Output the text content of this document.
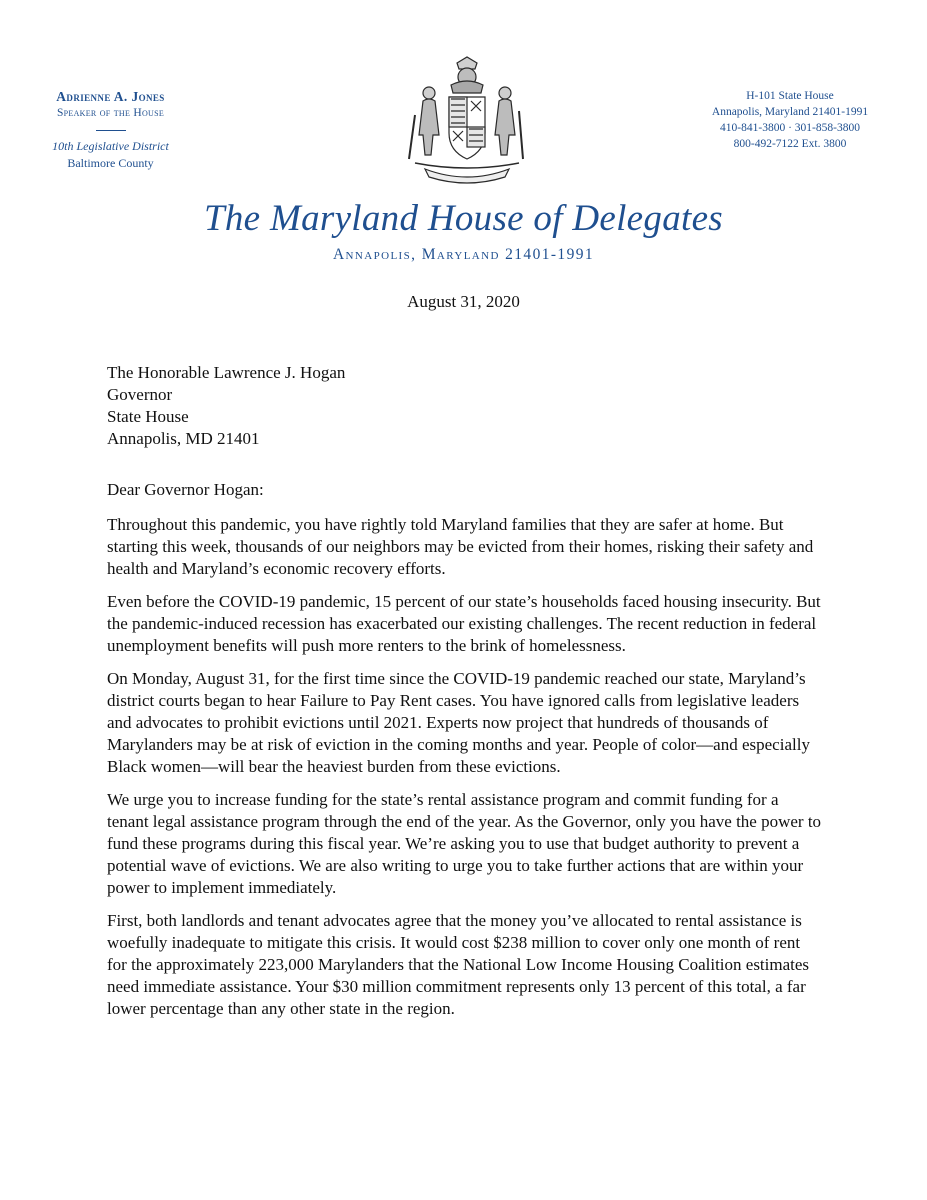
Adrienne A. Jones
Speaker of the House
10th Legislative District
Baltimore County
H-101 State House
Annapolis, Maryland 21401-1991
410-841-3800 · 301-858-3800
800-492-7122 Ext. 3800
The Maryland House of Delegates
Annapolis, Maryland 21401-1991
August 31, 2020
The Honorable Lawrence J. Hogan
Governor
State House
Annapolis, MD 21401
Dear Governor Hogan:

Throughout this pandemic, you have rightly told Maryland families that they are safer at home. But starting this week, thousands of our neighbors may be evicted from their homes, risking their safety and health and Maryland’s economic recovery efforts.

Even before the COVID-19 pandemic, 15 percent of our state’s households faced housing insecurity. But the pandemic-induced recession has exacerbated our existing challenges. The recent reduction in federal unemployment benefits will push more renters to the brink of homelessness.

On Monday, August 31, for the first time since the COVID-19 pandemic reached our state, Maryland’s district courts began to hear Failure to Pay Rent cases. You have ignored calls from legislative leaders and advocates to prohibit evictions until 2021. Experts now project that hundreds of thousands of Marylanders may be at risk of eviction in the coming months and year. People of color—and especially Black women—will bear the heaviest burden from these evictions.

We urge you to increase funding for the state’s rental assistance program and commit funding for a tenant legal assistance program through the end of the year. As the Governor, only you have the power to fund these programs during this fiscal year. We’re asking you to use that budget authority to prevent a potential wave of evictions. We are also writing to urge you to take further actions that are within your power to implement immediately.

First, both landlords and tenant advocates agree that the money you’ve allocated to rental assistance is woefully inadequate to mitigate this crisis. It would cost $238 million to cover only one month of rent for the approximately 223,000 Marylanders that the National Low Income Housing Coalition estimates need immediate assistance. Your $30 million commitment represents only 13 percent of this total, a far lower percentage than any other state in the region.
